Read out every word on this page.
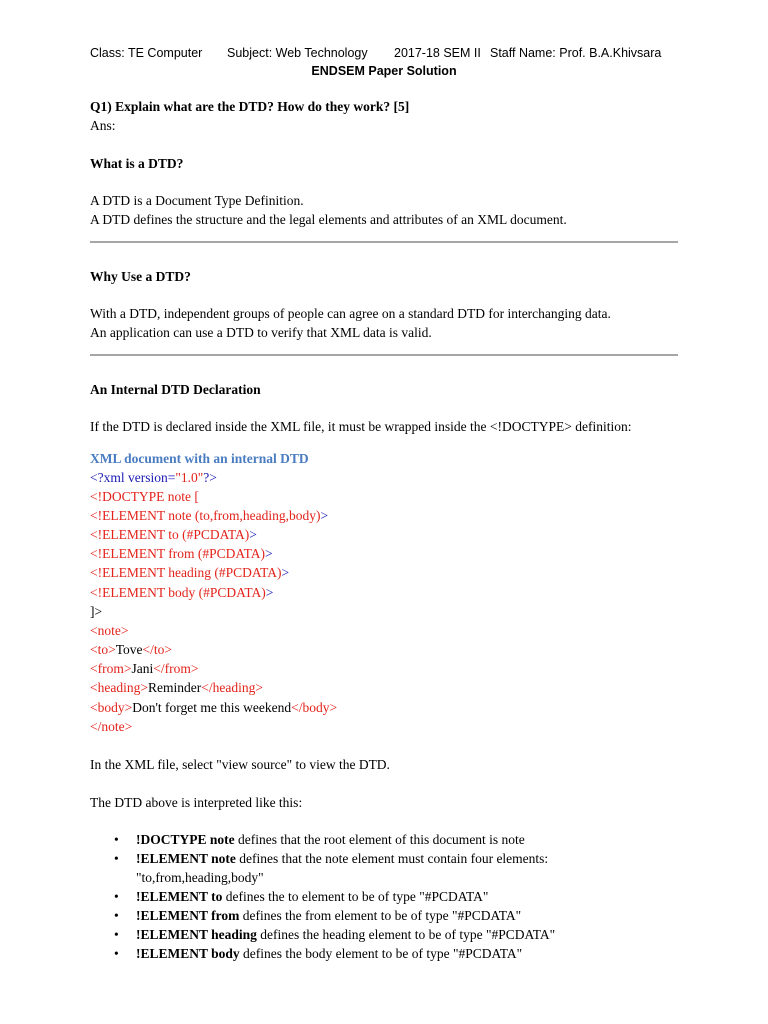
Class: TE Computer Subject: Web Technology 2017-18 SEM II Staff Name: Prof. B.A.Khivsara
ENDSEM Paper Solution
Q1) Explain what are the DTD? How do they work? [5]
Ans:
What is a DTD?
A DTD is a Document Type Definition.
A DTD defines the structure and the legal elements and attributes of an XML document.
Why Use a DTD?
With a DTD, independent groups of people can agree on a standard DTD for interchanging data.
An application can use a DTD to verify that XML data is valid.
An Internal DTD Declaration
If the DTD is declared inside the XML file, it must be wrapped inside the <!DOCTYPE> definition:
XML document with an internal DTD
<?xml version="1.0"?>
<!DOCTYPE note [
<!ELEMENT note (to,from,heading,body)>
<!ELEMENT to (#PCDATA)>
<!ELEMENT from (#PCDATA)>
<!ELEMENT heading (#PCDATA)>
<!ELEMENT body (#PCDATA)>
]>
<note>
<to>Tove</to>
<from>Jani</from>
<heading>Reminder</heading>
<body>Don't forget me this weekend</body>
</note>
In the XML file, select "view source" to view the DTD.
The DTD above is interpreted like this:
• !DOCTYPE note defines that the root element of this document is note
• !ELEMENT note defines that the note element must contain four elements:
"to,from,heading,body"
• !ELEMENT to defines the to element to be of type "#PCDATA"
• !ELEMENT from defines the from element to be of type "#PCDATA"
• !ELEMENT heading defines the heading element to be of type "#PCDATA"
• !ELEMENT body defines the body element to be of type "#PCDATA"
